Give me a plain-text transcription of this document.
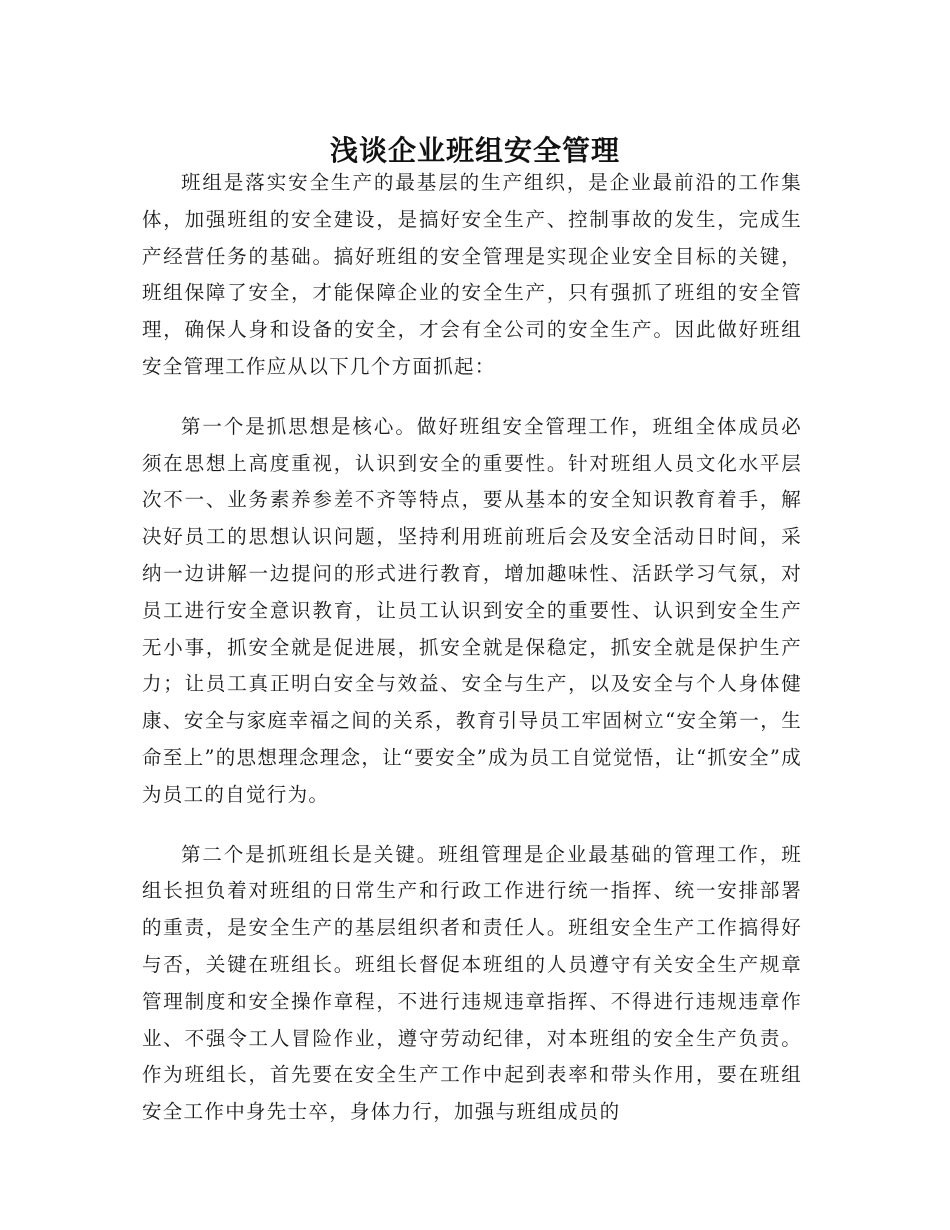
浅谈企业班组安全管理

班组是落实安全生产的最基层的生产组织，是企业最前沿的工作集体，加强班组的安全建设，是搞好安全生产、控制事故的发生，完成生产经营任务的基础。搞好班组的安全管理是实现企业安全目标的关键，班组保障了安全，才能保障企业的安全生产，只有强抓了班组的安全管理，确保人身和设备的安全，才会有全公司的安全生产。因此做好班组安全管理工作应从以下几个方面抓起：

第一个是抓思想是核心。做好班组安全管理工作，班组全体成员必须在思想上高度重视，认识到安全的重要性。针对班组人员文化水平层次不一、业务素养参差不齐等特点，要从基本的安全知识教育着手，解决好员工的思想认识问题，坚持利用班前班后会及安全活动日时间，采纳一边讲解一边提问的形式进行教育，增加趣味性、活跃学习气氛，对员工进行安全意识教育，让员工认识到安全的重要性、认识到安全生产无小事，抓安全就是促进展，抓安全就是保稳定，抓安全就是保护生产力；让员工真正明白安全与效益、安全与生产，以及安全与个人身体健康、安全与家庭幸福之间的关系，教育引导员工牢固树立“安全第一，生命至上”的思想理念理念，让“要安全”成为员工自觉觉悟，让“抓安全”成为员工的自觉行为。

第二个是抓班组长是关键。班组管理是企业最基础的管理工作，班组长担负着对班组的日常生产和行政工作进行统一指挥、统一安排部署的重责，是安全生产的基层组织者和责任人。班组安全生产工作搞得好与否，关键在班组长。班组长督促本班组的人员遵守有关安全生产规章管理制度和安全操作章程，不进行违规违章指挥、不得进行违规违章作业、不强令工人冒险作业，遵守劳动纪律，对本班组的安全生产负责。作为班组长，首先要在安全生产工作中起到表率和带头作用，要在班组安全工作中身先士卒，身体力行，加强与班组成员的
